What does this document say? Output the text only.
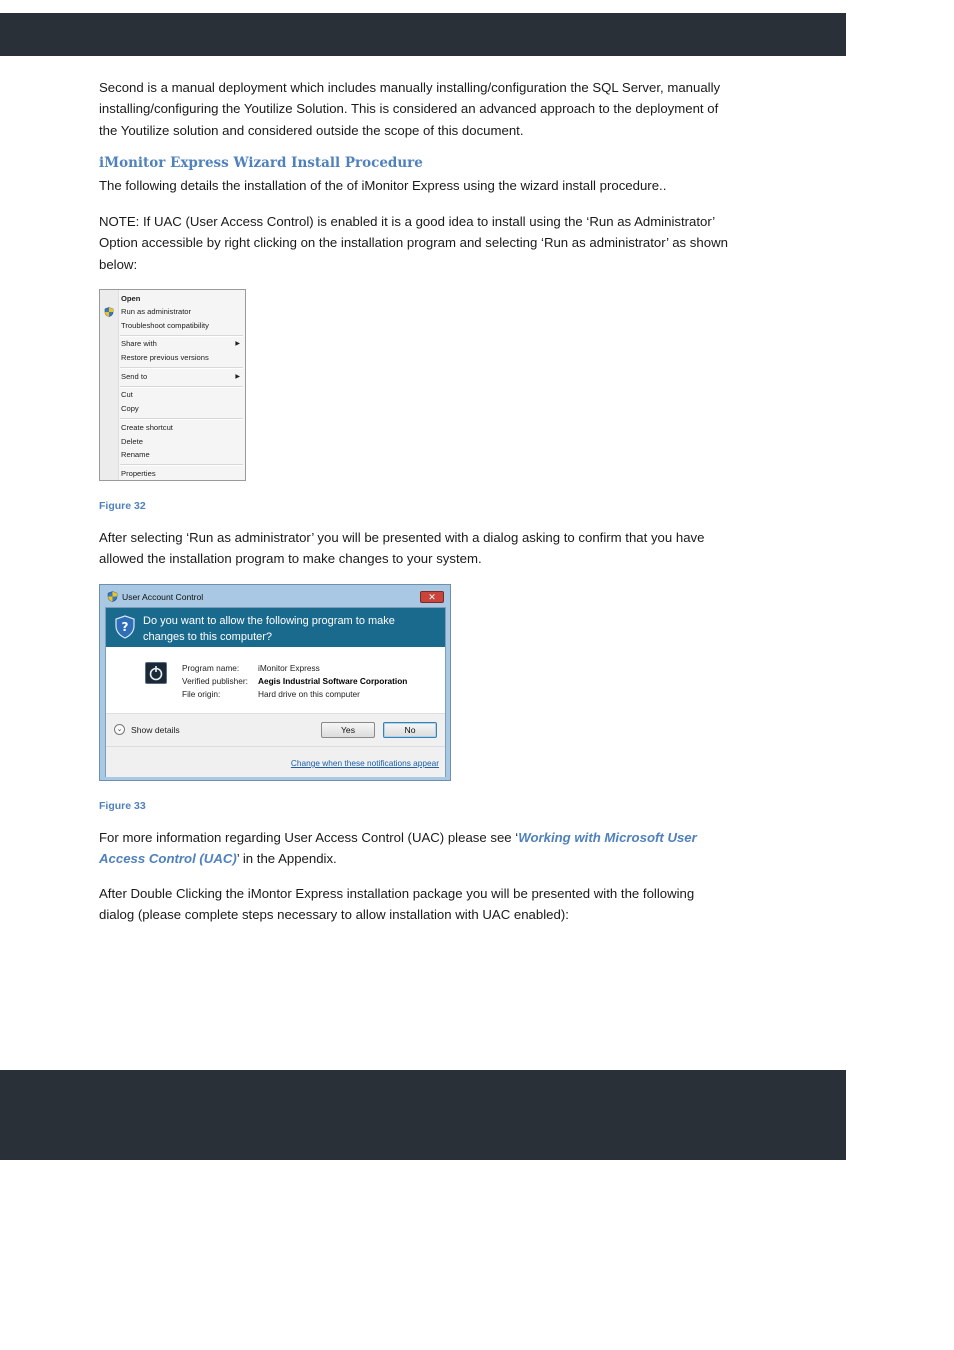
Second is a manual deployment which includes manually installing/configuration the SQL Server, manually installing/configuring the Youtilize Solution. This is considered an advanced approach to the deployment of the Youtilize solution and considered outside the scope of this document.

iMonitor Express Wizard Install Procedure

The following details the installation of the of iMonitor Express using the wizard install procedure..

NOTE: If UAC (User Access Control) is enabled it is a good idea to install using the ‘Run as Administrator’ Option accessible by right clicking on the installation program and selecting ‘Run as administrator’ as shown below:

Open
Run as administrator
Troubleshoot compatibility
Share with	▶
Restore previous versions
Send to	▶
Cut
Copy
Create shortcut
Delete
Rename
Properties

Figure 32

After selecting ‘Run as administrator’ you will be presented with a dialog asking to confirm that you have allowed the installation program to make changes to your system.

User Account Control	✕
? Do you want to allow the following program to make changes to this computer?
Program name: iMonitor Express
Verified publisher: Aegis Industrial Software Corporation
File origin:	Hard drive on this computer
⌄ Show details	Yes	No
Change when these notifications appear

Figure 33

For more information regarding User Access Control (UAC) please see ‘Working with Microsoft User Access Control (UAC)’ in the Appendix.

After Double Clicking the iMontor Express installation package you will be presented with the following dialog (please complete steps necessary to allow installation with UAC enabled):
